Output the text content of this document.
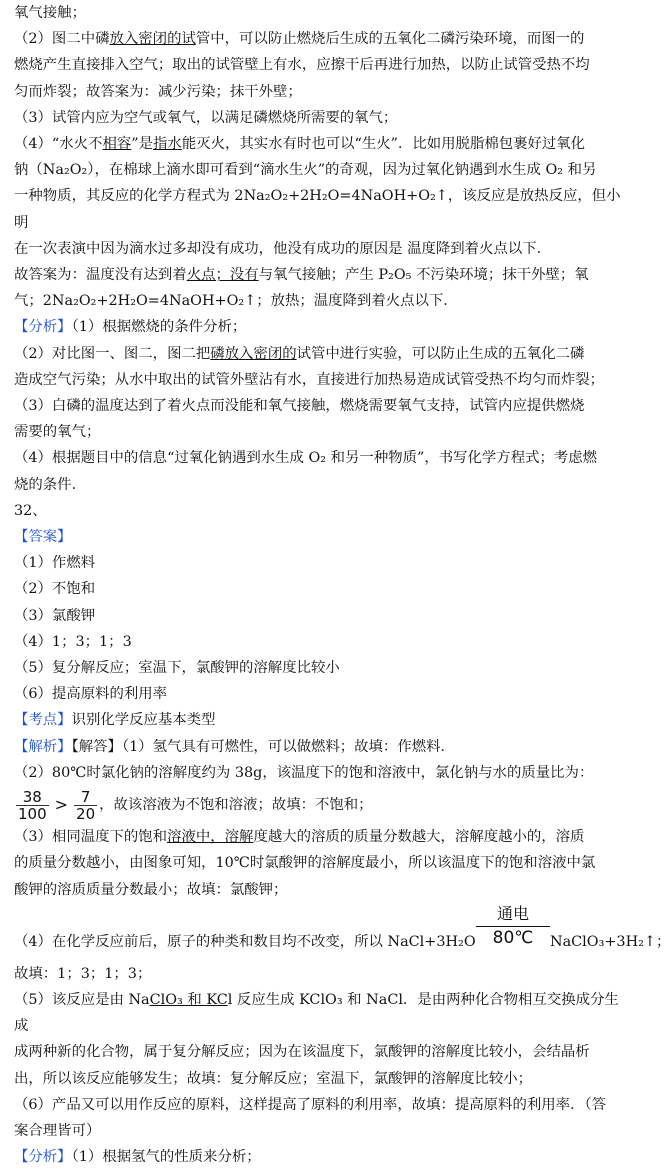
氧气接触；

（2）图二中磷放入密闭的试管中，可以防止燃烧后生成的五氧化二磷污染环境，而图一的

燃烧产生直接排入空气；取出的试管壁上有水，应擦干后再进行加热，以防止试管受热不均

匀而炸裂；故答案为：减少污染；抹干外壁；

（3）试管内应为空气或氧气，以满足磷燃烧所需要的氧气；

（4）“水火不相容”是指水能灭火，其实水有时也可以“生火”．比如用脱脂棉包裹好过氧化

钠（Na₂O₂），在棉球上滴水即可看到“滴水生火”的奇观，因为过氧化钠遇到水生成 O₂ 和另

一种物质，其反应的化学方程式为 2Na₂O₂+2H₂O=4NaOH+O₂↑，该反应是放热反应，但小明

在一次表演中因为滴水过多却没有成功，他没有成功的原因是 温度降到着火点以下．

故答案为：温度没有达到着火点；没有与氧气接触；产生 P₂O₅ 不污染环境；抹干外壁；氧

气；2Na₂O₂+2H₂O=4NaOH+O₂↑；放热；温度降到着火点以下．

【分析】（1）根据燃烧的条件分析；

（2）对比图一、图二，图二把磷放入密闭的试管中进行实验，可以防止生成的五氧化二磷

造成空气污染；从水中取出的试管外壁沾有水，直接进行加热易造成试管受热不均匀而炸裂；

（3）白磷的温度达到了着火点而没能和氧气接触，燃烧需要氧气支持，试管内应提供燃烧

需要的氧气；

（4）根据题目中的信息“过氧化钠遇到水生成 O₂ 和另一种物质”，书写化学方程式；考虑燃

烧的条件．

32、

【答案】

（1）作燃料

（2）不饱和

（3）氯酸钾

（4）1；3；1；3

（5）复分解反应；室温下，氯酸钾的溶解度比较小

（6）提高原料的利用率

【考点】识别化学反应基本类型

【解析】【解答】（1）氢气具有可燃性，可以做燃料；故填：作燃料．

（2）80℃时氯化钠的溶解度约为 38g，该温度下的饱和溶液中，氯化钠与水的质量比为：

$\frac{38}{100} > \frac{7}{20}$ ，故该溶液为不饱和溶液；故填：不饱和；

（3）相同温度下的饱和溶液中，溶解度越大的溶质的质量分数越大，溶解度越小的，溶质

的质量分数越小，由图象可知，10℃时氯酸钾的溶解度最小，所以该温度下的饱和溶液中氯

酸钾的溶质质量分数最小；故填：氯酸钾；

通电
80℃
（4）在化学反应前后，原子的种类和数目均不改变，所以 NaCl+3H₂O	NaClO₃+3H₂↑；

故填：1；3；1；3；

（5）该反应是由 NaClO₃ 和 KCl 反应生成 KClO₃ 和 NaCl．是由两种化合物相互交换成分生成

成两种新的化合物，属于复分解反应；因为在该温度下，氯酸钾的溶解度比较小，会结晶析

出，所以该反应能够发生；故填：复分解反应；室温下，氯酸钾的溶解度比较小；

（6）产品又可以用作反应的原料，这样提高了原料的利用率，故填：提高原料的利用率．（答

案合理皆可）

【分析】（1）根据氢气的性质来分析；
